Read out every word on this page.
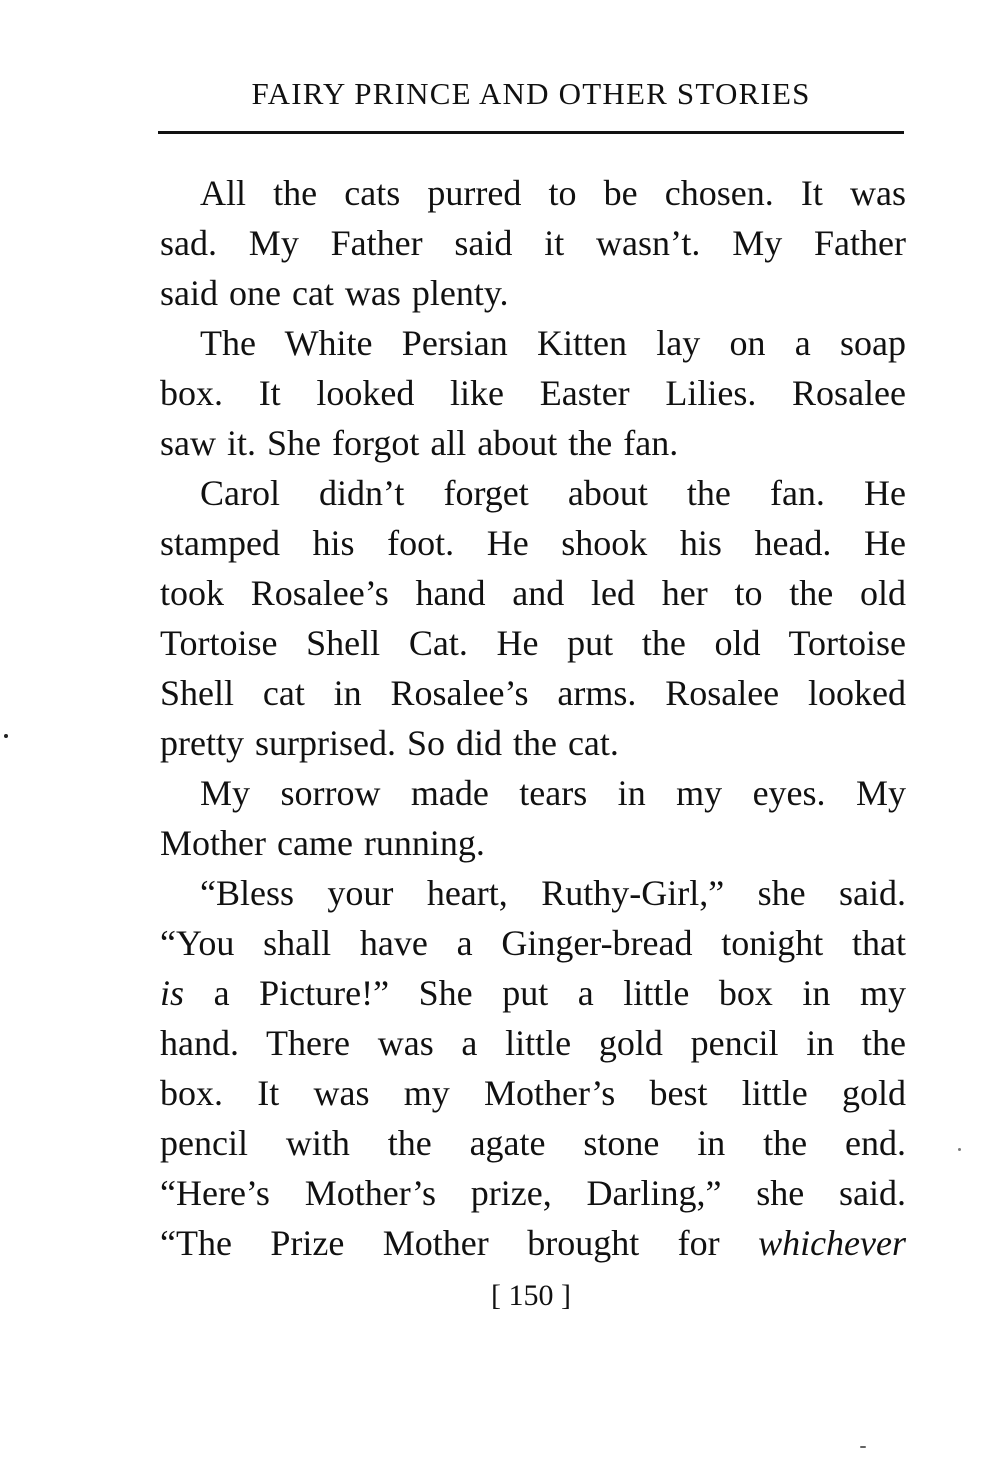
FAIRY PRINCE AND OTHER STORIES
All the cats purred to be chosen. It was
sad. My Father said it wasn’t. My Father
said one cat was plenty.
The White Persian Kitten lay on a soap
box. It looked like Easter Lilies. Rosalee
saw it. She forgot all about the fan.
Carol didn’t forget about the fan. He
stamped his foot. He shook his head. He
took Rosalee’s hand and led her to the old
Tortoise Shell Cat. He put the old Tortoise
Shell cat in Rosalee’s arms. Rosalee looked
pretty surprised. So did the cat.
My sorrow made tears in my eyes. My
Mother came running.
“Bless your heart, Ruthy-Girl,” she said.
“You shall have a Ginger-bread tonight that
is a Picture!” She put a little box in my
hand. There was a little gold pencil in the
box. It was my Mother’s best little gold
pencil with the agate stone in the end.
“Here’s Mother’s prize, Darling,” she said.
“The Prize Mother brought for whichever
[ 150 ]
